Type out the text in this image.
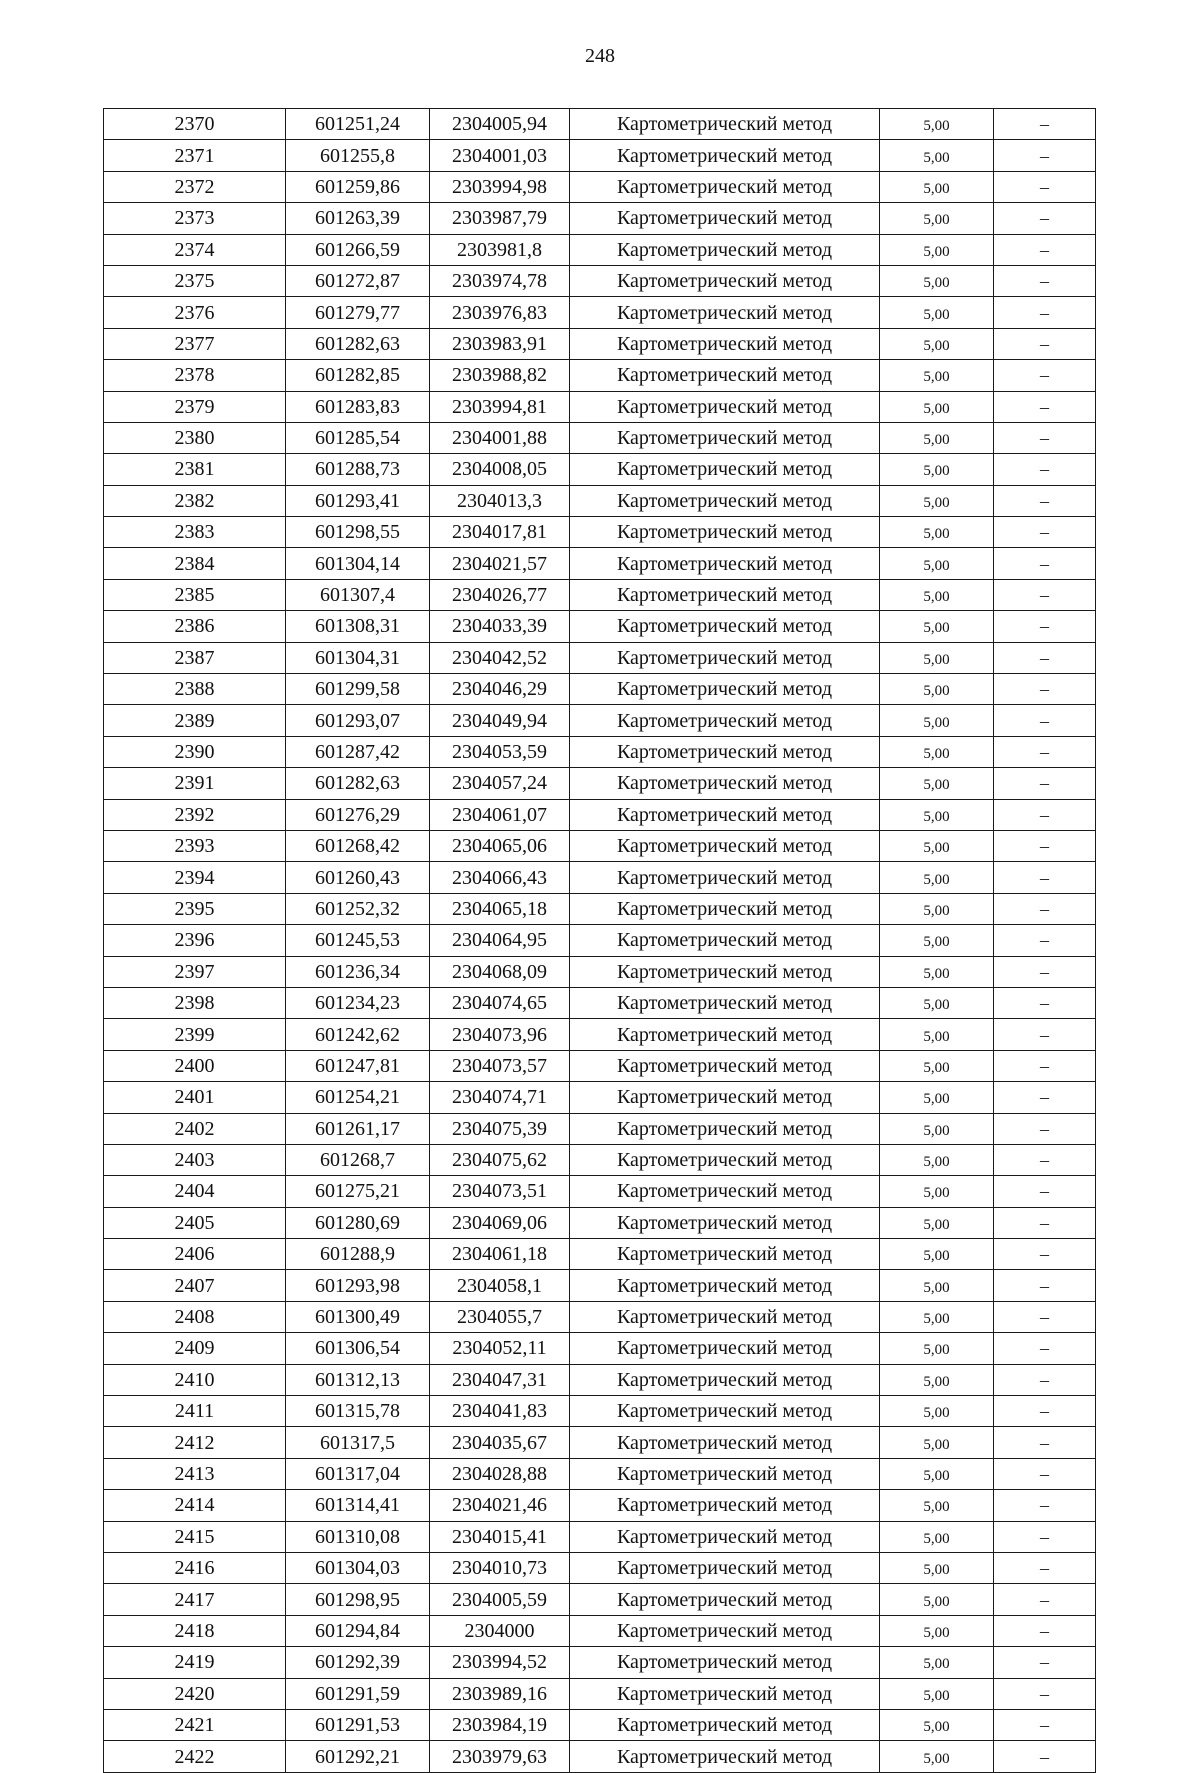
248
2370	601251,24	2304005,94	Картометрический метод	5,00	–
2371	601255,8	2304001,03	Картометрический метод	5,00	–
2372	601259,86	2303994,98	Картометрический метод	5,00	–
2373	601263,39	2303987,79	Картометрический метод	5,00	–
2374	601266,59	2303981,8	Картометрический метод	5,00	–
2375	601272,87	2303974,78	Картометрический метод	5,00	–
2376	601279,77	2303976,83	Картометрический метод	5,00	–
2377	601282,63	2303983,91	Картометрический метод	5,00	–
2378	601282,85	2303988,82	Картометрический метод	5,00	–
2379	601283,83	2303994,81	Картометрический метод	5,00	–
2380	601285,54	2304001,88	Картометрический метод	5,00	–
2381	601288,73	2304008,05	Картометрический метод	5,00	–
2382	601293,41	2304013,3	Картометрический метод	5,00	–
2383	601298,55	2304017,81	Картометрический метод	5,00	–
2384	601304,14	2304021,57	Картометрический метод	5,00	–
2385	601307,4	2304026,77	Картометрический метод	5,00	–
2386	601308,31	2304033,39	Картометрический метод	5,00	–
2387	601304,31	2304042,52	Картометрический метод	5,00	–
2388	601299,58	2304046,29	Картометрический метод	5,00	–
2389	601293,07	2304049,94	Картометрический метод	5,00	–
2390	601287,42	2304053,59	Картометрический метод	5,00	–
2391	601282,63	2304057,24	Картометрический метод	5,00	–
2392	601276,29	2304061,07	Картометрический метод	5,00	–
2393	601268,42	2304065,06	Картометрический метод	5,00	–
2394	601260,43	2304066,43	Картометрический метод	5,00	–
2395	601252,32	2304065,18	Картометрический метод	5,00	–
2396	601245,53	2304064,95	Картометрический метод	5,00	–
2397	601236,34	2304068,09	Картометрический метод	5,00	–
2398	601234,23	2304074,65	Картометрический метод	5,00	–
2399	601242,62	2304073,96	Картометрический метод	5,00	–
2400	601247,81	2304073,57	Картометрический метод	5,00	–
2401	601254,21	2304074,71	Картометрический метод	5,00	–
2402	601261,17	2304075,39	Картометрический метод	5,00	–
2403	601268,7	2304075,62	Картометрический метод	5,00	–
2404	601275,21	2304073,51	Картометрический метод	5,00	–
2405	601280,69	2304069,06	Картометрический метод	5,00	–
2406	601288,9	2304061,18	Картометрический метод	5,00	–
2407	601293,98	2304058,1	Картометрический метод	5,00	–
2408	601300,49	2304055,7	Картометрический метод	5,00	–
2409	601306,54	2304052,11	Картометрический метод	5,00	–
2410	601312,13	2304047,31	Картометрический метод	5,00	–
2411	601315,78	2304041,83	Картометрический метод	5,00	–
2412	601317,5	2304035,67	Картометрический метод	5,00	–
2413	601317,04	2304028,88	Картометрический метод	5,00	–
2414	601314,41	2304021,46	Картометрический метод	5,00	–
2415	601310,08	2304015,41	Картометрический метод	5,00	–
2416	601304,03	2304010,73	Картометрический метод	5,00	–
2417	601298,95	2304005,59	Картометрический метод	5,00	–
2418	601294,84	2304000	Картометрический метод	5,00	–
2419	601292,39	2303994,52	Картометрический метод	5,00	–
2420	601291,59	2303989,16	Картометрический метод	5,00	–
2421	601291,53	2303984,19	Картометрический метод	5,00	–
2422	601292,21	2303979,63	Картометрический метод	5,00	–
